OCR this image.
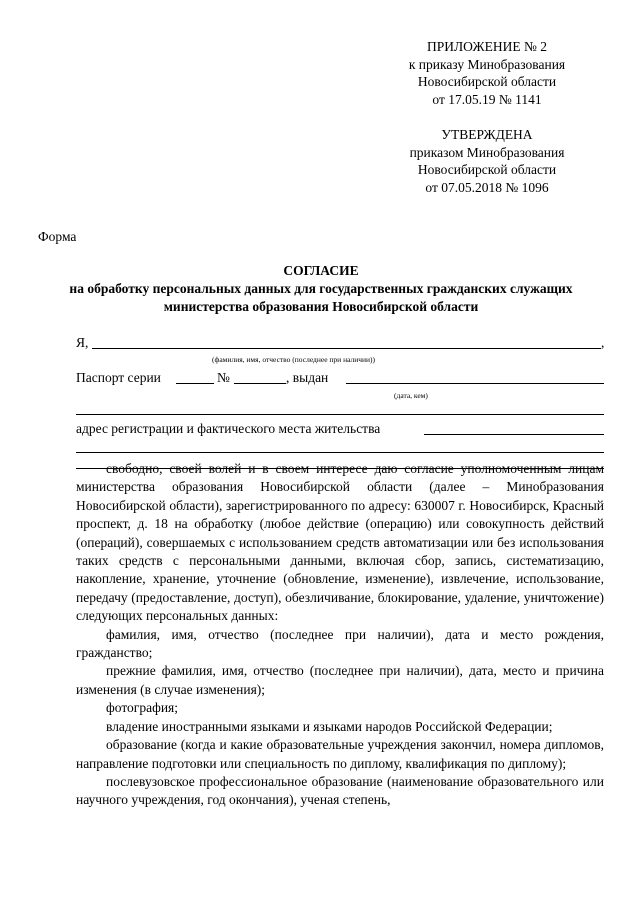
ПРИЛОЖЕНИЕ № 2
к приказу Минобразования
Новосибирской области
от 17.05.19 № 1141
УТВЕРЖДЕНА
приказом Минобразования
Новосибирской области
от 07.05.2018 № 1096
Форма
СОГЛАСИЕ
на обработку персональных данных для государственных гражданских служащих
министерства образования Новосибирской области
Я,	,
(фамилия, имя, отчество (последнее при наличии))
Паспорт серии	№	, выдан
(дата, кем)
адрес регистрации и фактического места жительства

свободно, своей волей и в своем интересе даю согласие уполномоченным лицам министерства образования Новосибирской области (далее – Минобразования Новосибирской области), зарегистрированного по адресу: 630007 г. Новосибирск, Красный проспект, д. 18 на обработку (любое действие (операцию) или совокупность действий (операций), совершаемых с использованием средств автоматизации или без использования таких средств с персональными данными, включая сбор, запись, систематизацию, накопление, хранение, уточнение (обновление, изменение), извлечение, использование, передачу (предоставление, доступ), обезличивание, блокирование, удаление, уничтожение) следующих персональных данных:

фамилия, имя, отчество (последнее при наличии), дата и место рождения, гражданство;

прежние фамилия, имя, отчество (последнее при наличии), дата, место и причина изменения (в случае изменения);

фотография;

владение иностранными языками и языками народов Российской Федерации;

образование (когда и какие образовательные учреждения закончил, номера дипломов, направление подготовки или специальность по диплому, квалификация по диплому);

послевузовское профессиональное образование (наименование образовательного или научного учреждения, год окончания), ученая степень,
